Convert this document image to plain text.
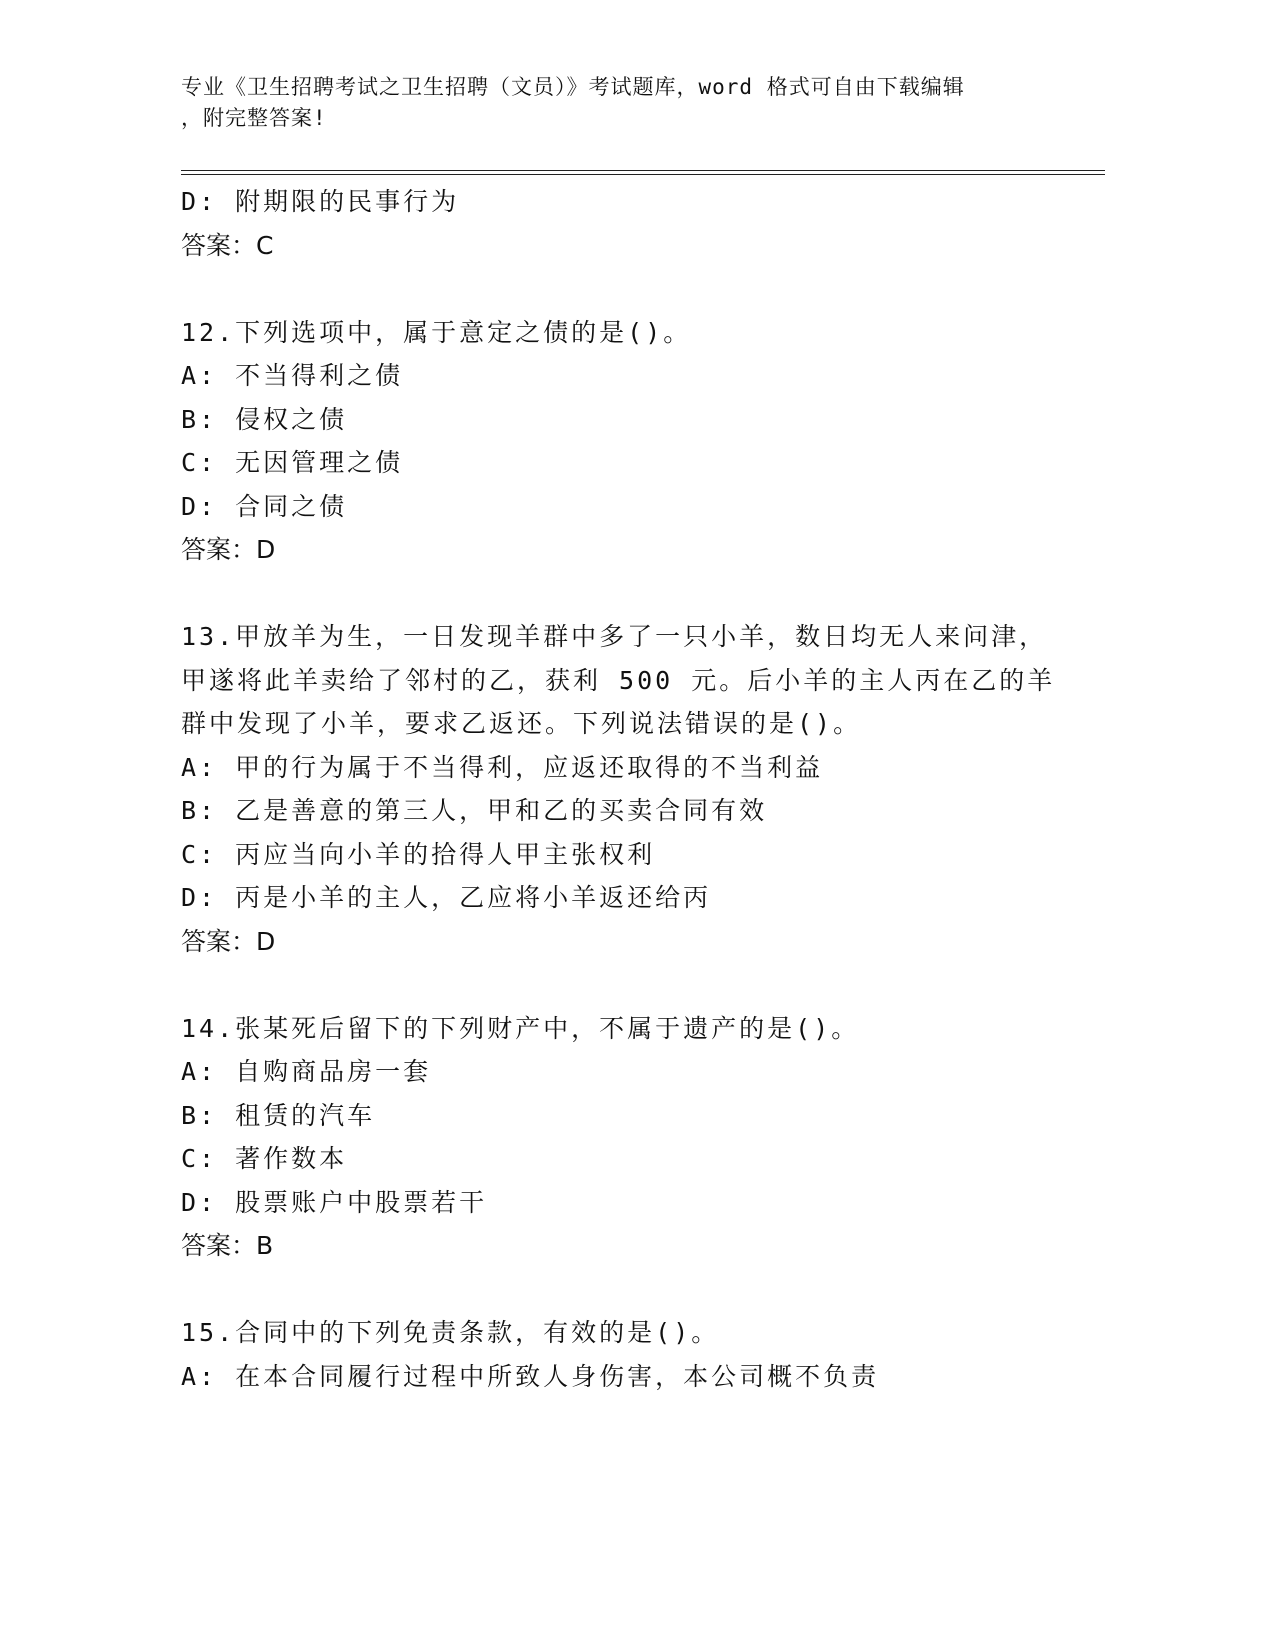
专业《卫生招聘考试之卫生招聘（文员）》考试题库，word 格式可自由下载编辑
，附完整答案!
D: 附期限的民事行为
答案：C
12.下列选项中，属于意定之债的是()。
A: 不当得利之债
B: 侵权之债
C: 无因管理之债
D: 合同之债
答案：D
13.甲放羊为生，一日发现羊群中多了一只小羊，数日均无人来问津，
甲遂将此羊卖给了邻村的乙，获利 500 元。后小羊的主人丙在乙的羊
群中发现了小羊，要求乙返还。下列说法错误的是()。
A: 甲的行为属于不当得利，应返还取得的不当利益
B: 乙是善意的第三人，甲和乙的买卖合同有效
C: 丙应当向小羊的拾得人甲主张权利
D: 丙是小羊的主人，乙应将小羊返还给丙
答案：D
14.张某死后留下的下列财产中，不属于遗产的是()。
A: 自购商品房一套
B: 租赁的汽车
C: 著作数本
D: 股票账户中股票若干
答案：B
15.合同中的下列免责条款，有效的是()。
A: 在本合同履行过程中所致人身伤害，本公司概不负责
